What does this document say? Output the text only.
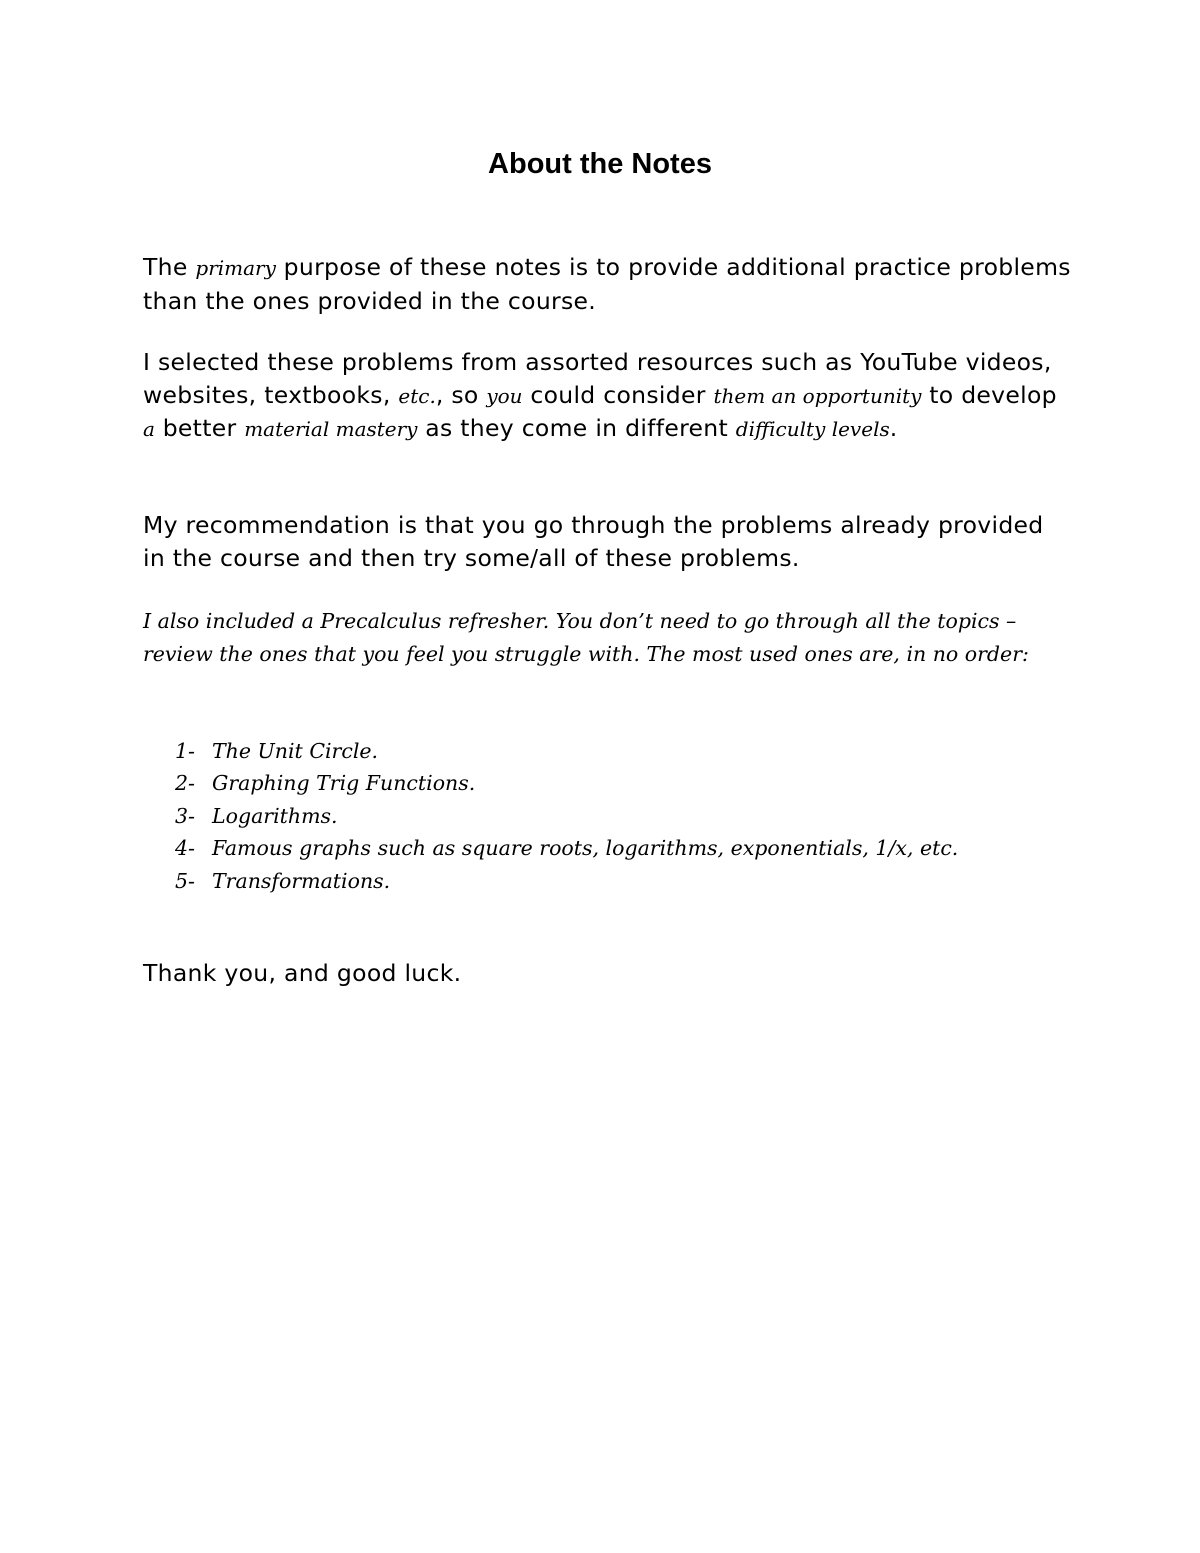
About the Notes

The primary purpose of these notes is to provide additional practice problems than the ones provided in the course.

I selected these problems from assorted resources such as YouTube videos, websites, textbooks, etc., so you could consider them an opportunity to develop a better material mastery as they come in different difficulty levels.

My recommendation is that you go through the problems already provided in the course and then try some/all of these problems.

I also included a Precalculus refresher. You don’t need to go through all the topics –review the ones that you feel you struggle with. The most used ones are, in no order:

1- The Unit Circle.
2- Graphing Trig Functions.
3- Logarithms.
4- Famous graphs such as square roots, logarithms, exponentials, 1/x, etc.
5- Transformations.

Thank you, and good luck.
